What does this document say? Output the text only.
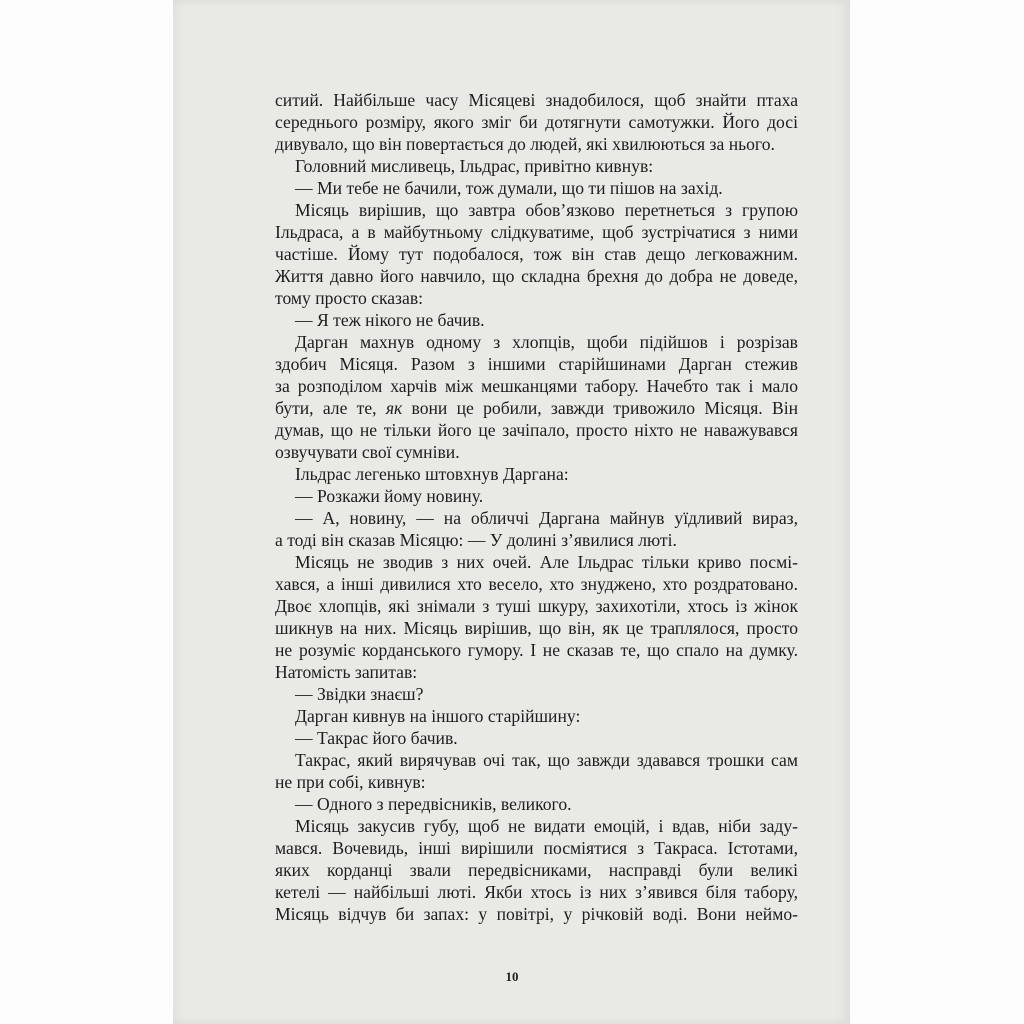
ситий. Найбільше часу Місяцеві знадобилося, щоб знайти птаха
середнього розміру, якого зміг би дотягнути самотужки. Його досі
дивувало, що він повертається до людей, які хвилюються за нього.
Головний мисливець, Ільдрас, привітно кивнув:
— Ми тебе не бачили, тож думали, що ти пішов на захід.
Місяць вирішив, що завтра обов’язково перетнеться з групою
Ільдраса, а в майбутньому слідкуватиме, щоб зустрічатися з ними
частіше. Йому тут подобалося, тож він став дещо легковажним.
Життя давно його навчило, що складна брехня до добра не доведе,
тому просто сказав:
— Я теж нікого не бачив.
Дарган махнув одному з хлопців, щоби підійшов і розрізав
здобич Місяця. Разом з іншими старійшинами Дарган стежив
за розподілом харчів між мешканцями табору. Начебто так і мало
бути, але те, як вони це робили, завжди тривожило Місяця. Він
думав, що не тільки його це зачіпало, просто ніхто не наважувався
озвучувати свої сумніви.
Ільдрас легенько штовхнув Даргана:
— Розкажи йому новину.
— А, новину, — на обличчі Даргана майнув уїдливий вираз,
а тоді він сказав Місяцю: — У долині з’явилися люті.
Місяць не зводив з них очей. Але Ільдрас тільки криво посмі-
хався, а інші дивилися хто весело, хто знуджено, хто роздратовано.
Двоє хлопців, які знімали з туші шкуру, захихотіли, хтось із жінок
шикнув на них. Місяць вирішив, що він, як це траплялося, просто
не розуміє корданського гумору. І не сказав те, що спало на думку.
Натомість запитав:
— Звідки знаєш?
Дарган кивнув на іншого старійшину:
— Такрас його бачив.
Такрас, який вирячував очі так, що завжди здавався трошки сам
не при собі, кивнув:
— Одного з передвісників, великого.
Місяць закусив губу, щоб не видати емоцій, і вдав, ніби заду-
мався. Вочевидь, інші вирішили посміятися з Такраса. Істотами,
яких корданці звали передвісниками, насправді були великі
кетелі — найбільші люті. Якби хтось із них з’явився біля табору,
Місяць відчув би запах: у повітрі, у річковій воді. Вони неймо-
10
